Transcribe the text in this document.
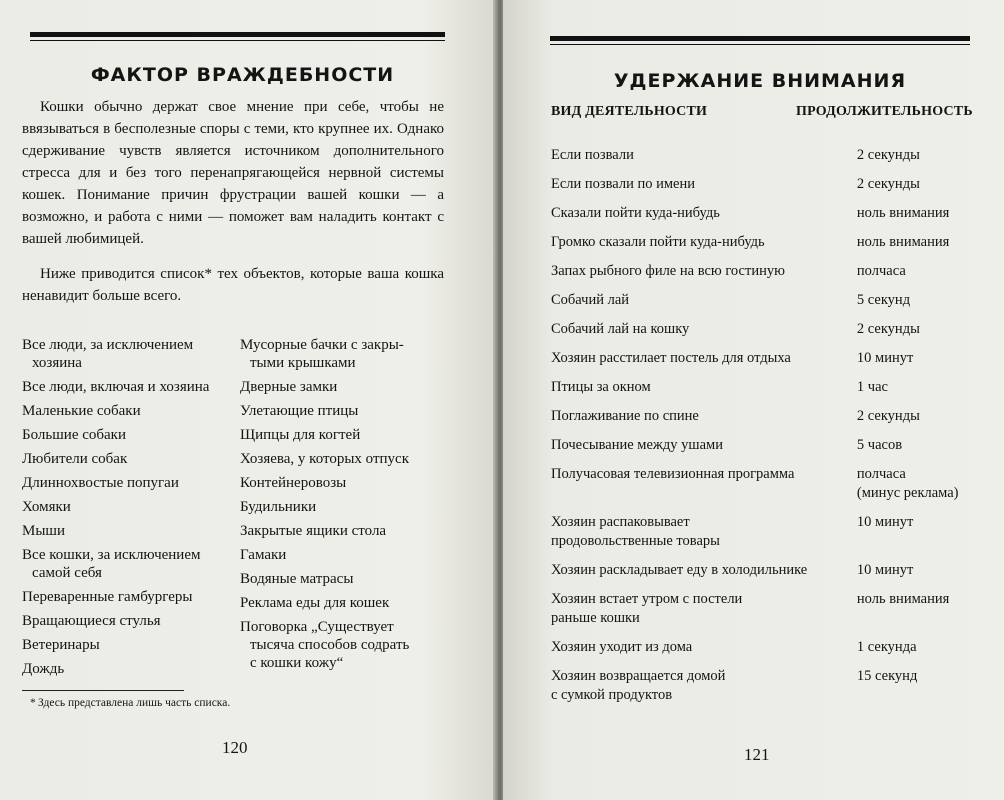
ФАКТОР ВРАЖДЕБНОСТИ

Кошки обычно держат свое мнение при себе, чтобы не ввязываться в бесполезные споры с теми, кто крупнее их. Однако сдерживание чувств является источником дополнительного стресса для и без того перенапрягающейся нервной системы кошек. Понимание причин фрустрации вашей кошки — а возможно, и работа с ними — поможет вам наладить контакт с вашей любимицей.

Ниже приводится список* тех объектов, которые ваша кошка ненавидит больше всего.

Все люди, за исключением
хозяина
Все люди, включая и хозяина
Маленькие собаки
Большие собаки
Любители собак
Длиннохвостые попугаи
Хомяки
Мыши
Все кошки, за исключением
самой себя
Переваренные гамбургеры
Вращающиеся стулья
Ветеринары
Дождь
Мусорные бачки с закры-
тыми крышками
Дверные замки
Улетающие птицы
Щипцы для когтей
Хозяева, у которых отпуск
Контейнеровозы
Будильники
Закрытые ящики стола
Гамаки
Водяные матрасы
Реклама еды для кошек
Поговорка „Существует
тысяча способов содрать
с кошки кожу“
* Здесь представлена лишь часть списка.
120
УДЕРЖАНИЕ ВНИМАНИЯ
ВИД ДЕЯТЕЛЬНОСТИ	ПРОДОЛЖИТЕЛЬНОСТЬ
Если позвали	2 секунды

Если позвали по имени	2 секунды

Сказали пойти куда-нибудь	ноль внимания

Громко сказали пойти куда-нибудь	ноль внимания

Запах рыбного филе на всю гостиную	полчаса

Собачий лай	5 секунд

Собачий лай на кошку	2 секунды

Хозяин расстилает постель для отдыха	10 минут

Птицы за окном	1 час

Поглаживание по спине	2 секунды

Почесывание между ушами	5 часов

Получасовая телевизионная программа	полчаса
(минус реклама)

Хозяин распаковывает
продовольственные товары	10 минут

Хозяин раскладывает еду в холодильнике	10 минут

Хозяин встает утром с постели
раньше кошки	ноль внимания

Хозяин уходит из дома	1 секунда

Хозяин возвращается домой
с сумкой продуктов	15 секунд
121
